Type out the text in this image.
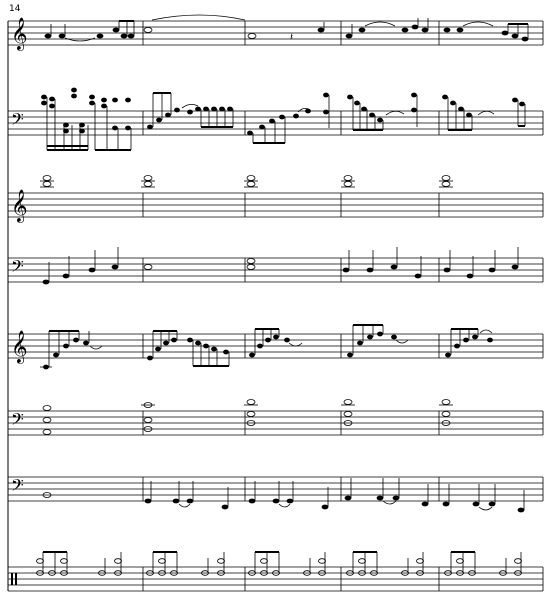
14
𝄞	𝄽
𝄢
𝄞
𝄢
𝄞
𝄢
𝄢
